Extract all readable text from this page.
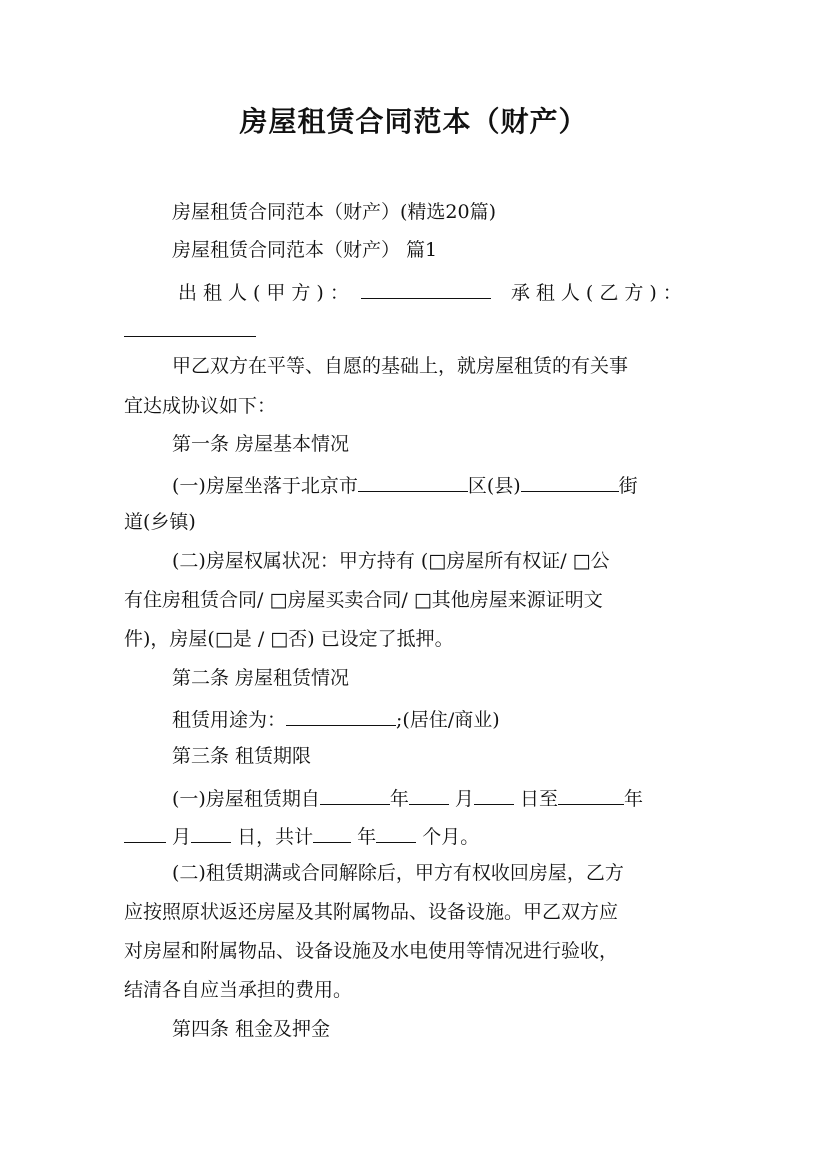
房屋租赁合同范本（财产）
房屋租赁合同范本（财产）(精选20篇)
房屋租赁合同范本（财产） 篇1
出租人(甲方)：	承租人(乙方)：
甲乙双方在平等、自愿的基础上，就房屋租赁的有关事
宜达成协议如下：
第一条 房屋基本情况
(一)房屋坐落于北京市	区(县)	街
道(乡镇)
(二)房屋权属状况：甲方持有 (□房屋所有权证/ □公
有住房租赁合同/ □房屋买卖合同/ □其他房屋来源证明文
件)，房屋(□是 / □否) 已设定了抵押。
第二条 房屋租赁情况
租赁用途为：	;(居住/商业)
第三条 租赁期限
(一)房屋租赁期自	年 月 日至	年
月 日，共计 年 个月。
(二)租赁期满或合同解除后，甲方有权收回房屋，乙方
应按照原状返还房屋及其附属物品、设备设施。甲乙双方应
对房屋和附属物品、设备设施及水电使用等情况进行验收，
结清各自应当承担的费用。
第四条 租金及押金
